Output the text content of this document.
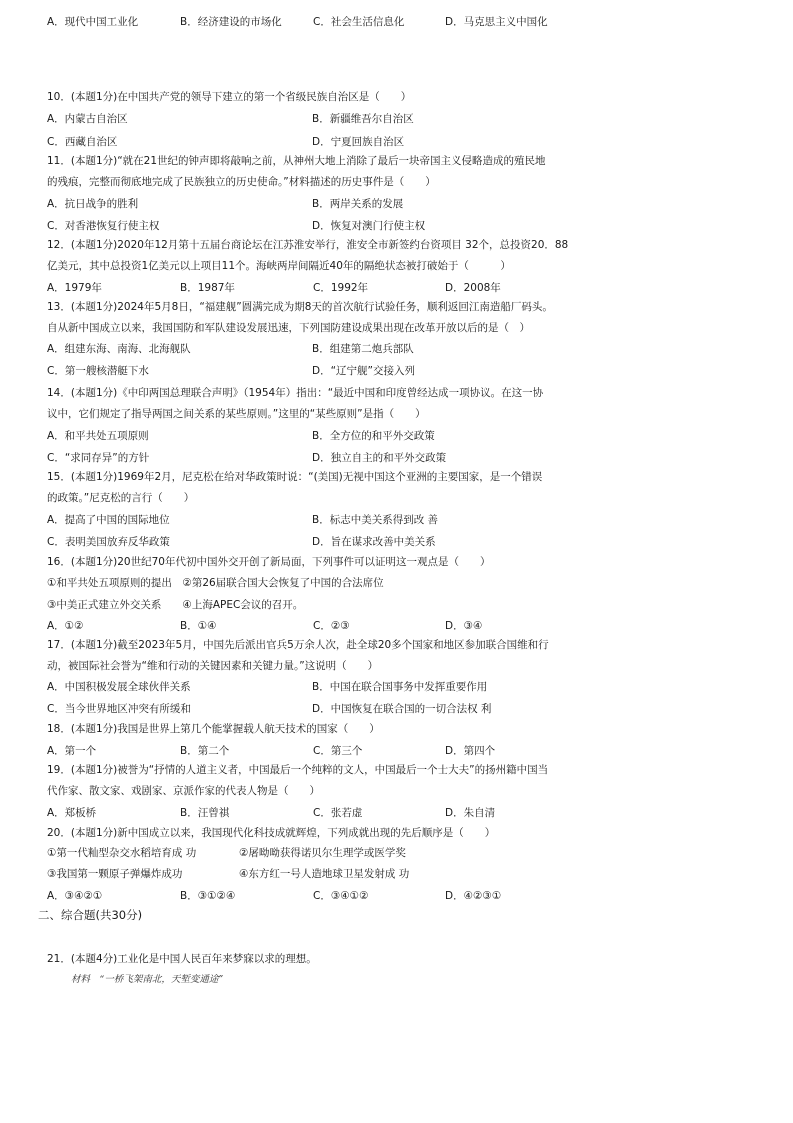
A．现代中国工业化	B．经济建设的市场化	C．社会生活信息化	D．马克思主义中国化
10．(本题1分)在中国共产党的领导下建立的第一个省级民族自治区是（　　）
A．内蒙古自治区	B．新疆维吾尔自治区
C．西藏自治区	D．宁夏回族自治区
11．(本题1分)“就在21世纪的钟声即将敲响之前，从神州大地上消除了最后一块帝国主义侵略造成的殖民地
的残痕，完整而彻底地完成了民族独立的历史使命。”材料描述的历史事件是（　　）
A．抗日战争的胜利	B．两岸关系的发展
C．对香港恢复行使主权	D．恢复对澳门行使主权
12．(本题1分)2020年12月第十五届台商论坛在江苏淮安举行，淮安全市新签约台资项目 32个，总投资20．88
亿美元，其中总投资1亿美元以上项目11个。海峡两岸间隔近40年的隔绝状态被打破始于（　　　）
A．1979年	B．1987年	C．1992年	D．2008年
13．(本题1分)2024年5月8日，“福建舰”圆满完成为期8天的首次航行试验任务，顺利返回江南造船厂码头。
自从新中国成立以来，我国国防和军队建设发展迅速，下列国防建设成果出现在改革开放以后的是（　）
A．组建东海、南海、北海舰队	B．组建第二炮兵部队
C．第一艘核潜艇下水	D．“辽宁舰”交接入列
14．(本题1分)《中印两国总理联合声明》（1954年）指出：“最近中国和印度曾经达成一项协议。在这一协
议中，它们规定了指导两国之间关系的某些原则。”这里的“某些原则”是指（　　）
A．和平共处五项原则	B．全方位的和平外交政策
C．“求同存异”的方针	D．独立自主的和平外交政策
15．(本题1分)1969年2月，尼克松在给对华政策时说：“(美国)无视中国这个亚洲的主要国家，是一个错误
的政策。”尼克松的言行（　　）
A．提高了中国的国际地位	B．标志中美关系得到改 善
C．表明美国放弃反华政策	D．旨在谋求改善中美关系
16．(本题1分)20世纪70年代初中国外交开创了新局面，下列事件可以证明这一观点是（　　）
①和平共处五项原则的提出　②第26届联合国大会恢复了中国的合法席位
③中美正式建立外交关系　　④上海APEC会议的召开。
A．①②	B．①④	C．②③	D．③④
17．(本题1分)截至2023年5月，中国先后派出官兵5万余人次，赴全球20多个国家和地区参加联合国维和行
动，被国际社会誉为“维和行动的关键因素和关键力量。”这说明（　　）
A．中国积极发展全球伙伴关系	B．中国在联合国事务中发挥重要作用
C．当今世界地区冲突有所缓和	D．中国恢复在联合国的一切合法权 利
18．(本题1分)我国是世界上第几个能掌握载人航天技术的国家（　　）
A．第一个	B．第二个	C．第三个	D．第四个
19．(本题1分)被誉为“抒情的人道主义者，中国最后一个纯粹的文人，中国最后一个士大夫”的扬州籍中国当
代作家、散文家、戏剧家、京派作家的代表人物是（　　）
A．郑板桥	B．汪曾祺	C．张若虚	D．朱自清
20．(本题1分)新中国成立以来，我国现代化科技成就辉煌，下列成就出现的先后顺序是（　　）
①第一代籼型杂交水稻培育成 功	②屠呦呦获得诺贝尔生理学或医学奖
③我国第一颗原子弹爆炸成功	④东方红一号人造地球卫星发射成 功
A．③④②①	B．③①②④	C．③④①②	D．④②③①
二、综合题(共30分)
21．(本题4分)工业化是中国人民百年来梦寐以求的理想。
材料　“一桥飞架南北，天堑变通途”
